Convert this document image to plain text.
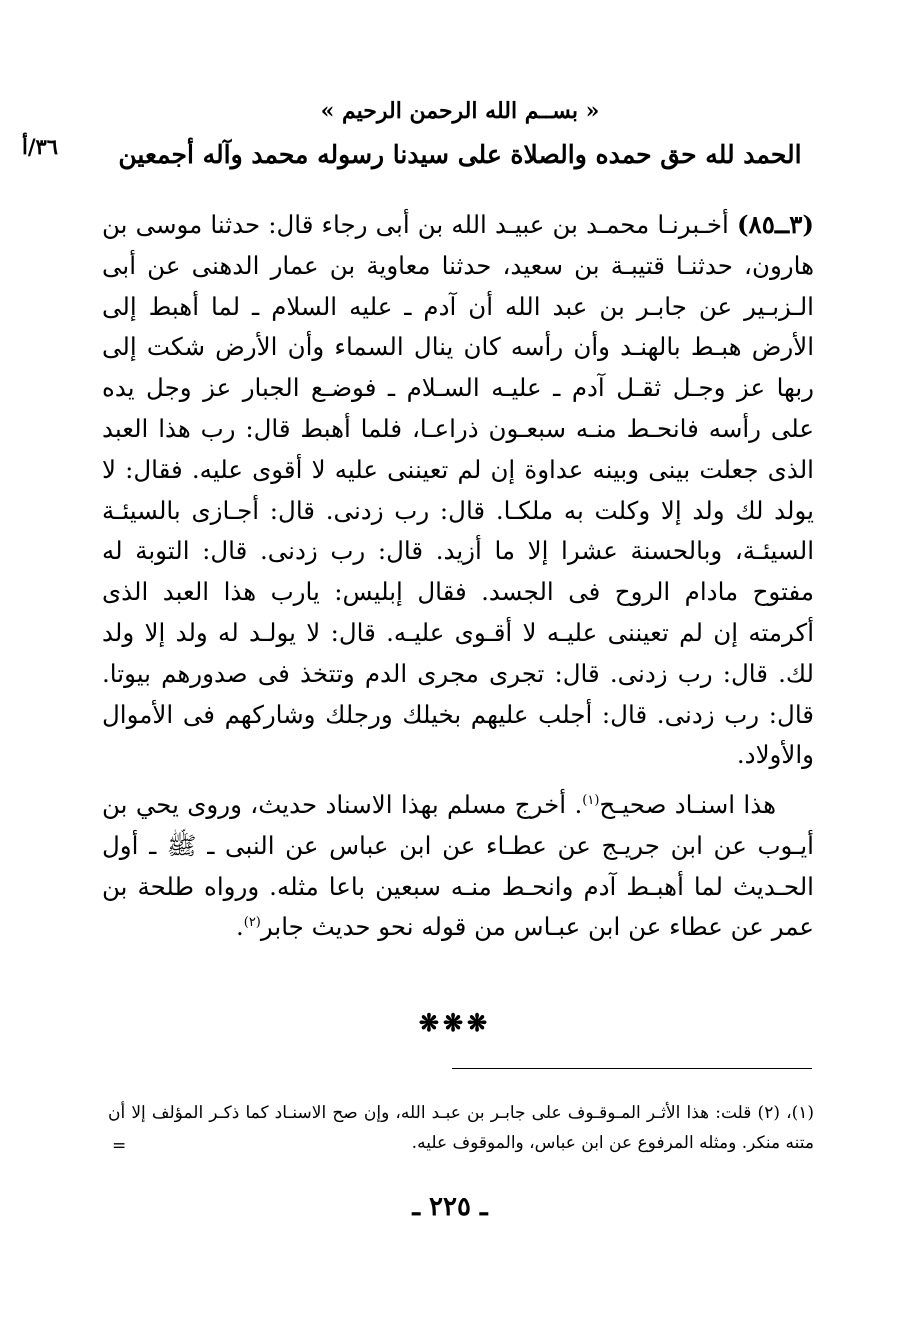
« بســم الله الرحمن الرحيم »
٣٦/أ	الحمد لله حق حمده والصلاة على سيدنا رسوله محمد وآله أجمعين
(٣ــ٨٥) أخـبرنـا محمـد بن عبيـد الله بن أبى رجاء قال: حدثنا موسى بن هارون، حدثنـا قتيبـة بن سعيد، حدثنا معاوية بن عمار الدهنى عن أبى الـزبـير عن جابـر بن عبد الله أن آدم ـ عليه السلام ـ لما أهبط إلى الأرض هبـط بالهنـد وأن رأسه كان ينال السماء وأن الأرض شكت إلى ربها عز وجـل ثقـل آدم ـ عليـه السـلام ـ فوضـع الجبار عز وجل يده على رأسه فانحـط منـه سبعـون ذراعـا، فلما أهبط قال: رب هذا العبد الذى جعلت بينى وبينه عداوة إن لم تعيننى عليه لا أقوى عليه. فقال: لا يولد لك ولد إلا وكلت به ملكـا. قال: رب زدنى. قال: أجـازى بالسيئـة السيئـة، وبالحسنة عشرا إلا ما أزيد. قال: رب زدنى. قال: التوبة له مفتوح مادام الروح فى الجسد. فقال إبليس: يارب هذا العبد الذى أكرمته إن لم تعيننى عليـه لا أقـوى عليـه. قال: لا يولـد له ولد إلا ولد لك. قال: رب زدنى. قال: تجرى مجرى الدم وتتخذ فى صدورهم بيوتا. قال: رب زدنى. قال: أجلب عليهم بخيلك ورجلك وشاركهم فى الأموال والأولاد.
هذا اسنـاد صحيـح$^{(١)}$. أخرج مسلم بهذا الاسناد حديث، وروى يحي بن أيـوب عن ابن جريـج عن عطـاء عن ابن عباس عن النبى ـ ﷺ ـ أول الحـديث لما أهبـط آدم وانحـط منـه سبعين باعا مثله. ورواه طلحة بن عمر عن عطاء عن ابن عبـاس من قوله نحو حديث جابر$^{(٢)}$.
❋❋❋
(١)، (٢) قلت: هذا الأثـر المـوقـوف على جابـر بن عبـد الله، وإن صح الاسنـاد كما ذكـر المؤلف إلا أن متنه منكر. ومثله المرفوع عن ابن عباس، والموقوف عليه.
=
ـ ٢٢٥ ـ
